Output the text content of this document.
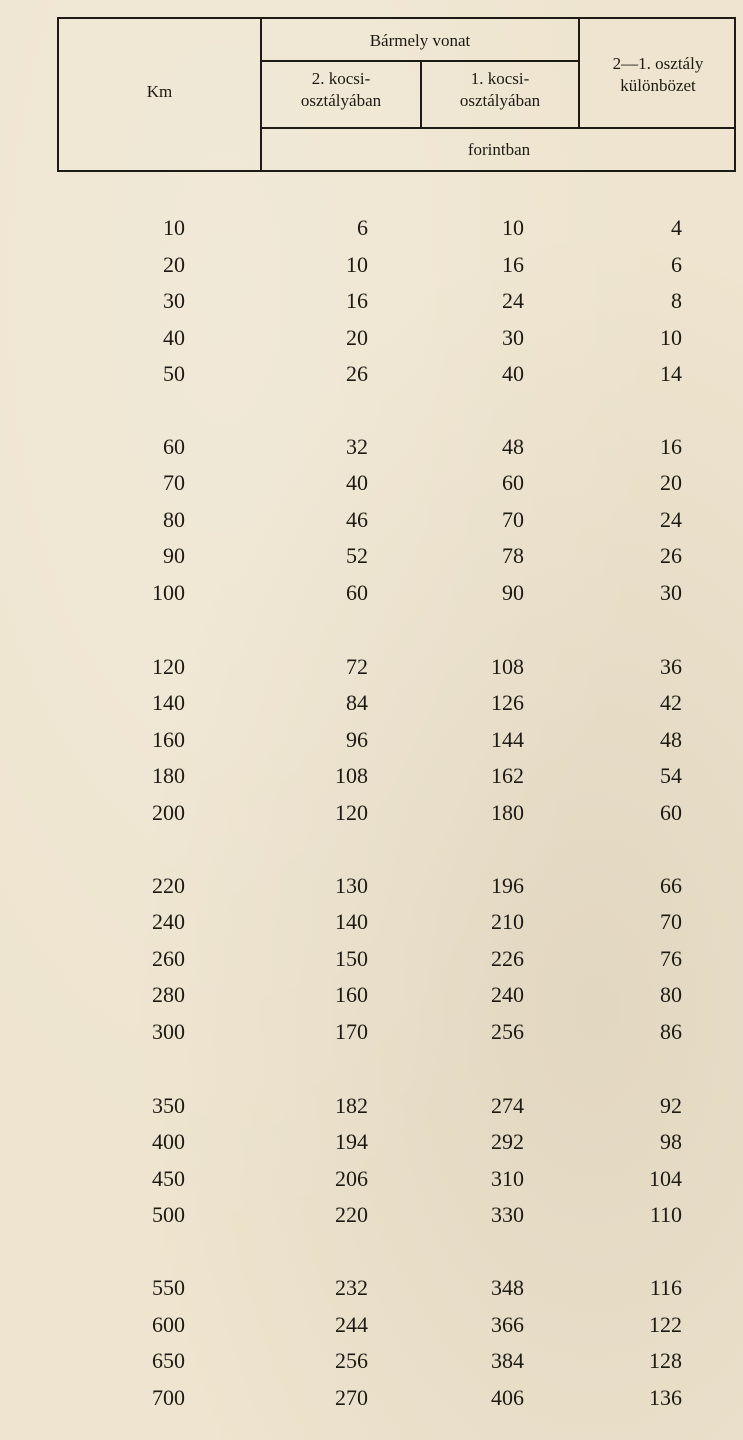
Km
Bármely vonat
2. kocsi-
osztályában
1. kocsi-
osztályában
2—1. osztály
különbözet
forintban
10	6	10	4
20	10	16	6
30	16	24	8
40	20	30	10
50	26	40	14
60	32	48	16
70	40	60	20
80	46	70	24
90	52	78	26
100	60	90	30
120	72	108	36
140	84	126	42
160	96	144	48
180	108	162	54
200	120	180	60
220	130	196	66
240	140	210	70
260	150	226	76
280	160	240	80
300	170	256	86
350	182	274	92
400	194	292	98
450	206	310	104
500	220	330	110
550	232	348	116
600	244	366	122
650	256	384	128
700	270	406	136
